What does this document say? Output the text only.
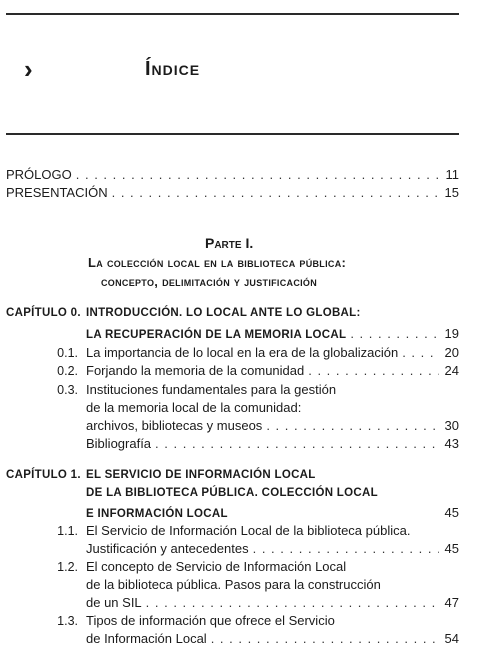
›	Índice
PRÓLOGO . . .	11
PRESENTACIÓN . . .	15
Parte I.
La colección local en la biblioteca pública:
concepto, delimitación y justificación
CAPÍTULO 0. INTRODUCCIÓN. LO LOCAL ANTE LO GLOBAL:
LA RECUPERACIÓN DE LA MEMORIA LOCAL . . .	19
0.1. La importancia de lo local en la era de la globalización . . .	20
0.2. Forjando la memoria de la comunidad . . .	24
0.3. Instituciones fundamentales para la gestión
de la memoria local de la comunidad:
archivos, bibliotecas y museos . . .	30
Bibliografía . . .	43
CAPÍTULO 1. EL SERVICIO DE INFORMACIÓN LOCAL
DE LA BIBLIOTECA PÚBLICA. COLECCIÓN LOCAL
E INFORMACIÓN LOCAL	45
1.1. El Servicio de Información Local de la biblioteca pública.
Justificación y antecedentes . . .	45
1.2. El concepto de Servicio de Información Local
de la biblioteca pública. Pasos para la construcción
de un SIL . . .	47
1.3. Tipos de información que ofrece el Servicio
de Información Local . . .	54
